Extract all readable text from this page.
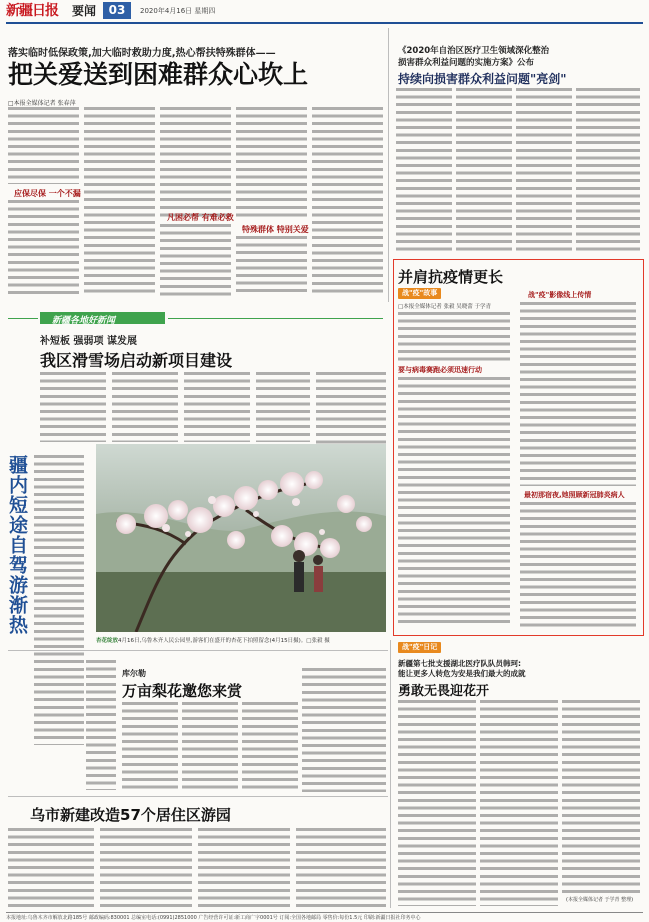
新疆日报	要闻	03	2020年4月16日 星期四
落实临时低保政策,加大临时救助力度,热心帮扶特殊群体——
把关爱送到困难群众心坎上
□本报全媒体记者 张春萍
应保尽保 一个不漏
凡困必帮 有难必救
特殊群体 特别关爱
《2020年自治区医疗卫生领域深化整治
损害群众利益问题的实施方案》公布
持续向损害群众利益问题"亮剑"
并肩抗疫情更长
战"疫"故事
□本报全媒体记者 张毅 吴晓蕾 于学青
要与病毒赛跑必须迅速行动
战"疫"影像线上传情
最初那宿夜,她照顾新冠肺炎病人
新疆各地好新闻
补短板 强弱项 谋发展
我区滑雪场启动新项目建设
疆内短途自驾游渐热
4月16日,乌鲁木齐人民公园里,游客们在盛开的杏花下拍照留念(4月15日摄)。□张毅 摄
杏花绽放
库尔勒
万亩梨花邀您来赏
乌市新建改造57个居住区游园
战"疫"日记
新疆第七批支援湖北医疗队队员韩珂:
能让更多人转危为安是我们最大的成就
勇敢无畏迎花开
(本报全媒体记者 于学青 整理)
本报地址:乌鲁木齐市解放北路185号 邮政编码:830001 总编室电话:(0991)2851000 广告经营许可证:新工商广字0001号 订阅:全国各地邮局 零售价:每份1.5元 印刷:新疆日报社印务中心
